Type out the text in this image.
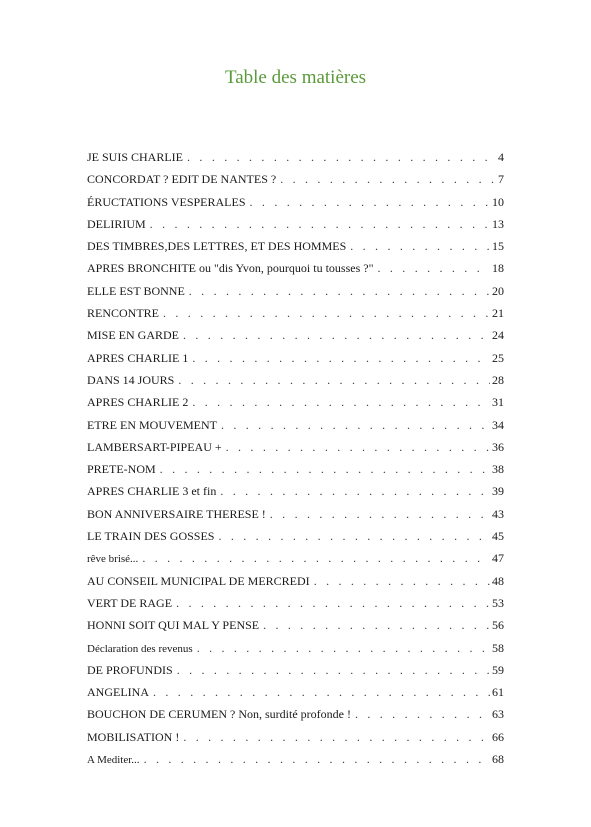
Table des matières
JE SUIS CHARLIE . . .	4
CONCORDAT ? EDIT DE NANTES ? . . .	7
ÉRUCTATIONS VESPERALES . . .	10
DELIRIUM . . .	13
DES TIMBRES,DES LETTRES, ET DES HOMMES . . .	15
APRES BRONCHITE ou "dis Yvon, pourquoi tu tousses ?" . . .	18
ELLE EST BONNE . . .	20
RENCONTRE . . .	21
MISE EN GARDE . . .	24
APRES CHARLIE 1 . . .	25
DANS 14 JOURS . . .	28
APRES CHARLIE 2 . . .	31
ETRE EN MOUVEMENT . . .	34
LAMBERSART-PIPEAU + . . .	36
PRETE-NOM . . .	38
APRES CHARLIE 3 et fin . . .	39
BON ANNIVERSAIRE THERESE ! . . .	43
LE TRAIN DES GOSSES . . .	45
rêve brisé... . . .	47
AU CONSEIL MUNICIPAL DE MERCREDI . . .	48
VERT DE RAGE . . .	53
HONNI SOIT QUI MAL Y PENSE . . .	56
Déclaration des revenus . . .	58
DE PROFUNDIS . . .	59
ANGELINA . . .	61
BOUCHON DE CERUMEN ? Non, surdité profonde ! . . .	63
MOBILISATION ! . . .	66
A Mediter... . . .	68
